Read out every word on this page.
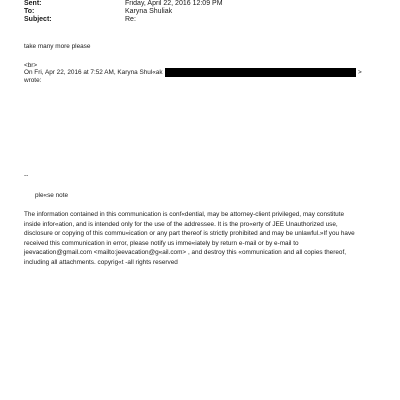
Sent:	Friday, April 22, 2016 12:09 PM
To:	Karyna Shuliak
Subject:	Re:
take many more please
<br>
On Fri, Apr 22, 2016 at 7:52 AM, Karyna Shul«ak	>
wrote:
--
ple«se note
The information contained in this communication is conf«dential, may be attorney-client privileged, may constitute
inside infor«ation, and is intended only for the use of the addressee. It is the pro«erty of JEE Unauthorized use,
disclosure or copying of this commu«ication or any part thereof is strictly prohibited and may be unlawful.»If you have
received this communication in error, please notify us imme«iately by return e-mail or by e-mail to
jeevacation@gmail.com <mailto:jeevacation@g«ail.com> , and destroy this «ommunication and all copies thereof,
including all attachments. copyrig«t -all rights reserved
